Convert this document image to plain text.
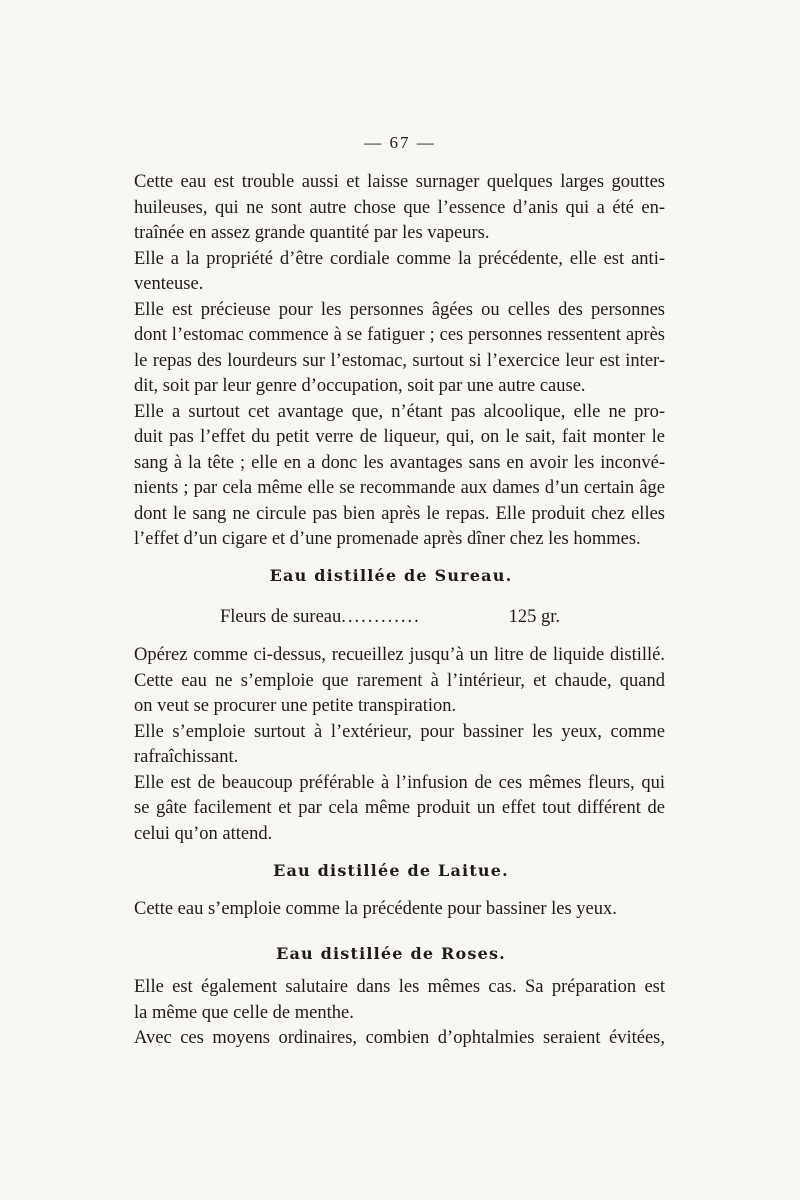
— 67 —

Cette eau est trouble aussi et laisse surnager quelques larges gouttes
huileuses, qui ne sont autre chose que l’essence d’anis qui a été en-
traînée en assez grande quantité par les vapeurs.

Elle a la propriété d’être cordiale comme la précédente, elle est anti-
venteuse.

Elle est précieuse pour les personnes âgées ou celles des personnes
dont l’estomac commence à se fatiguer ; ces personnes ressentent après
le repas des lourdeurs sur l’estomac, surtout si l’exercice leur est inter-
dit, soit par leur genre d’occupation, soit par une autre cause.

Elle a surtout cet avantage que, n’étant pas alcoolique, elle ne pro-
duit pas l’effet du petit verre de liqueur, qui, on le sait, fait monter le
sang à la tête ; elle en a donc les avantages sans en avoir les inconvé-
nients ; par cela même elle se recommande aux dames d’un certain âge
dont le sang ne circule pas bien après le repas. Elle produit chez elles
l’effet d’un cigare et d’une promenade après dîner chez les hommes.

Eau distillée de Sureau.
Fleurs de sureau............	125 gr.

Opérez comme ci-dessus, recueillez jusqu’à un litre de liquide distillé.

Cette eau ne s’emploie que rarement à l’intérieur, et chaude, quand
on veut se procurer une petite transpiration.

Elle s’emploie surtout à l’extérieur, pour bassiner les yeux, comme
rafraîchissant.

Elle est de beaucoup préférable à l’infusion de ces mêmes fleurs, qui
se gâte facilement et par cela même produit un effet tout différent de
celui qu’on attend.

Eau distillée de Laitue.

Cette eau s’emploie comme la précédente pour bassiner les yeux.

Eau distillée de Roses.

Elle est également salutaire dans les mêmes cas. Sa préparation est
la même que celle de menthe.

Avec ces moyens ordinaires, combien d’ophtalmies seraient évitées,
